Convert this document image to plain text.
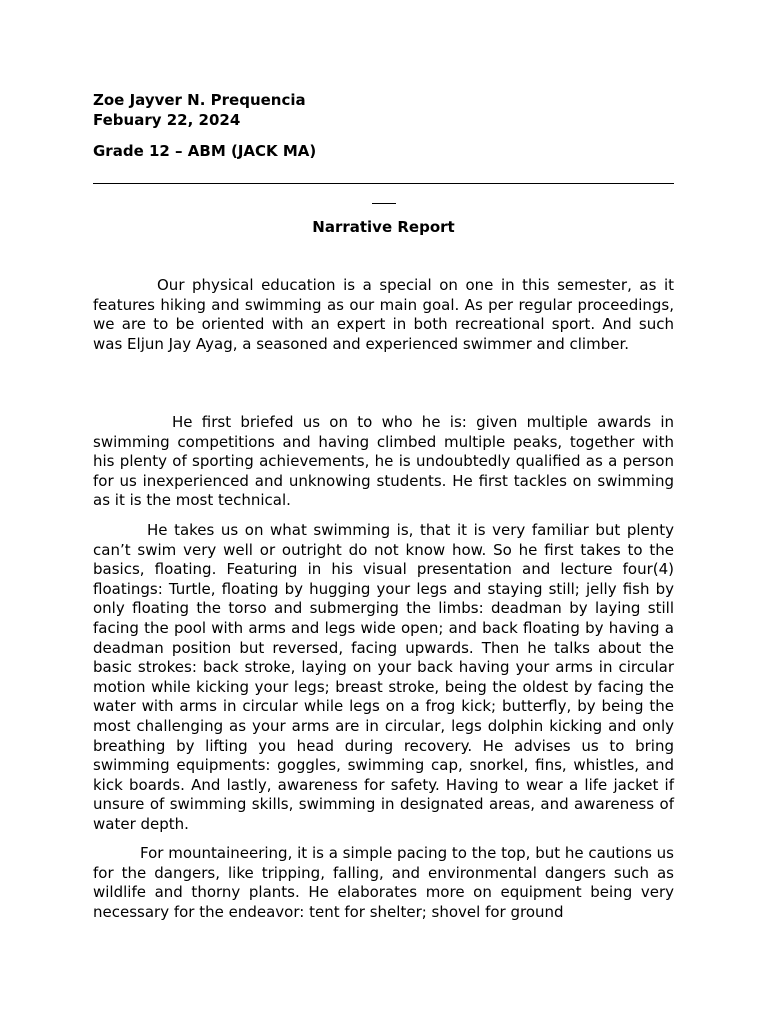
Zoe Jayver N. Prequencia
Febuary 22, 2024
Grade 12 – ABM (JACK MA)
Narrative Report

Our physical education is a special on one in this semester, as it features hiking and swimming as our main goal. As per regular proceedings, we are to be oriented with an expert in both recreational sport. And such was Eljun Jay Ayag, a seasoned and experienced swimmer and climber.

He first briefed us on to who he is: given multiple awards in swimming competitions and having climbed multiple peaks, together with his plenty of sporting achievements, he is undoubtedly qualified as a person for us inexperienced and unknowing students. He first tackles on swimming as it is the most technical.

He takes us on what swimming is, that it is very familiar but plenty can’t swim very well or outright do not know how. So he first takes to the basics, floating. Featuring in his visual presentation and lecture four(4) floatings: Turtle, floating by hugging your legs and staying still; jelly fish by only floating the torso and submerging the limbs: deadman by laying still facing the pool with arms and legs wide open; and back floating by having a deadman position but reversed, facing upwards. Then he talks about the basic strokes: back stroke, laying on your back having your arms in circular motion while kicking your legs; breast stroke, being the oldest by facing the water with arms in circular while legs on a frog kick; butterfly, by being the most challenging as your arms are in circular, legs dolphin kicking and only breathing by lifting you head during recovery. He advises us to bring swimming equipments: goggles, swimming cap, snorkel, fins, whistles, and kick boards. And lastly, awareness for safety. Having to wear a life jacket if unsure of swimming skills, swimming in designated areas, and awareness of water depth.

For mountaineering, it is a simple pacing to the top, but he cautions us for the dangers, like tripping, falling, and environmental dangers such as wildlife and thorny plants. He elaborates more on equipment being very necessary for the endeavor: tent for shelter; shovel for ground
